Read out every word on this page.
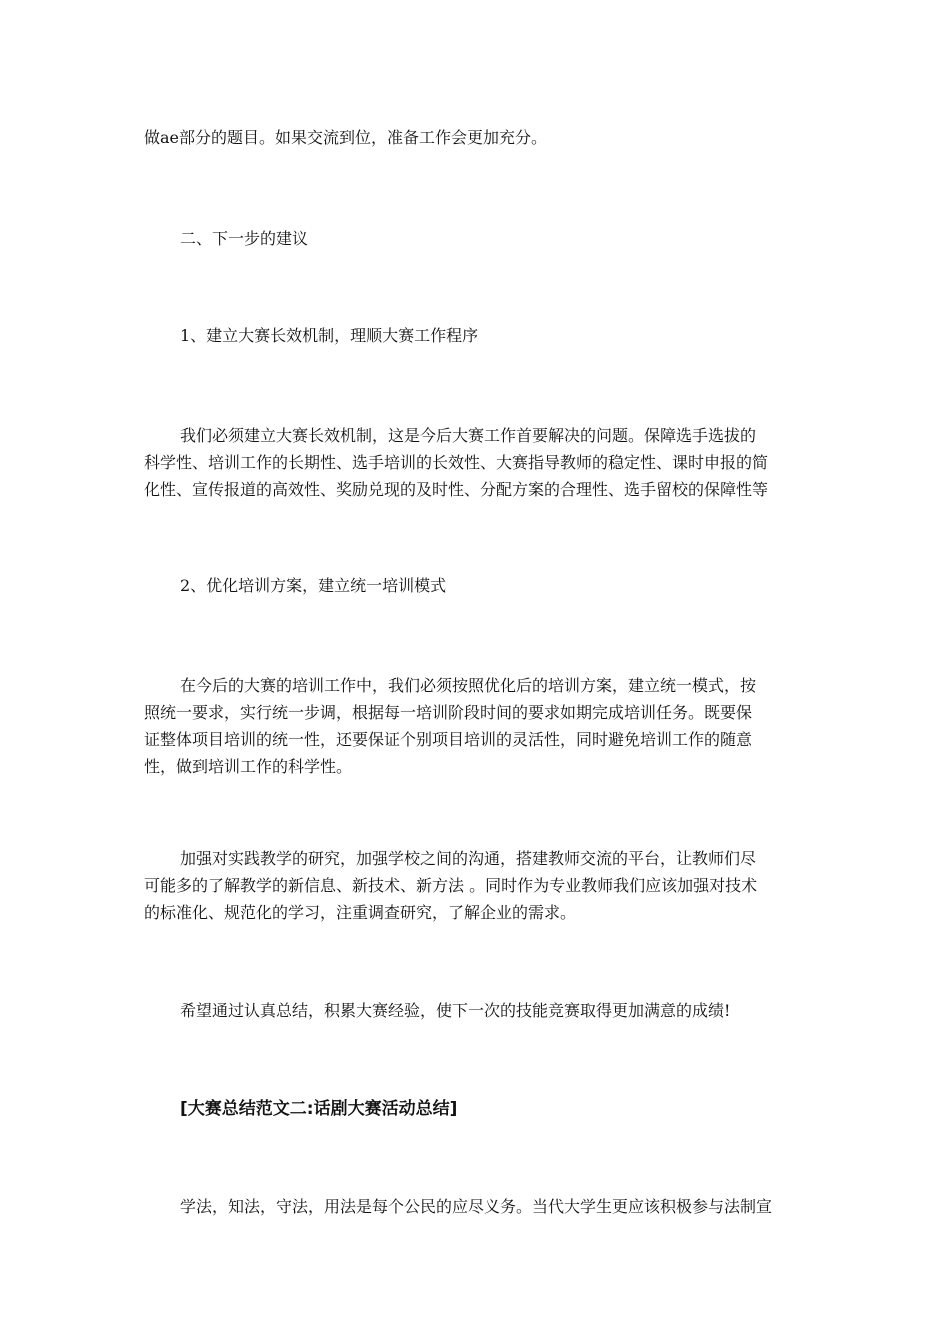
做ae部分的题目。如果交流到位，准备工作会更加充分。

二、下一步的建议

1、建立大赛长效机制，理顺大赛工作程序

我们必须建立大赛长效机制，这是今后大赛工作首要解决的问题。保障选手选拔的
科学性、培训工作的长期性、选手培训的长效性、大赛指导教师的稳定性、课时申报的简
化性、宣传报道的高效性、奖励兑现的及时性、分配方案的合理性、选手留校的保障性等

2、优化培训方案，建立统一培训模式

在今后的大赛的培训工作中，我们必须按照优化后的培训方案，建立统一模式，按
照统一要求，实行统一步调，根据每一培训阶段时间的要求如期完成培训任务。既要保
证整体项目培训的统一性，还要保证个别项目培训的灵活性，同时避免培训工作的随意
性，做到培训工作的科学性。
加强对实践教学的研究，加强学校之间的沟通，搭建教师交流的平台，让教师们尽
可能多的了解教学的新信息、新技术、新方法 。同时作为专业教师我们应该加强对技术
的标准化、规范化的学习，注重调查研究，了解企业的需求。

希望通过认真总结，积累大赛经验，使下一次的技能竞赛取得更加满意的成绩!

[大赛总结范文二:话剧大赛活动总结]

学法，知法，守法，用法是每个公民的应尽义务。当代大学生更应该积极参与法制宣
